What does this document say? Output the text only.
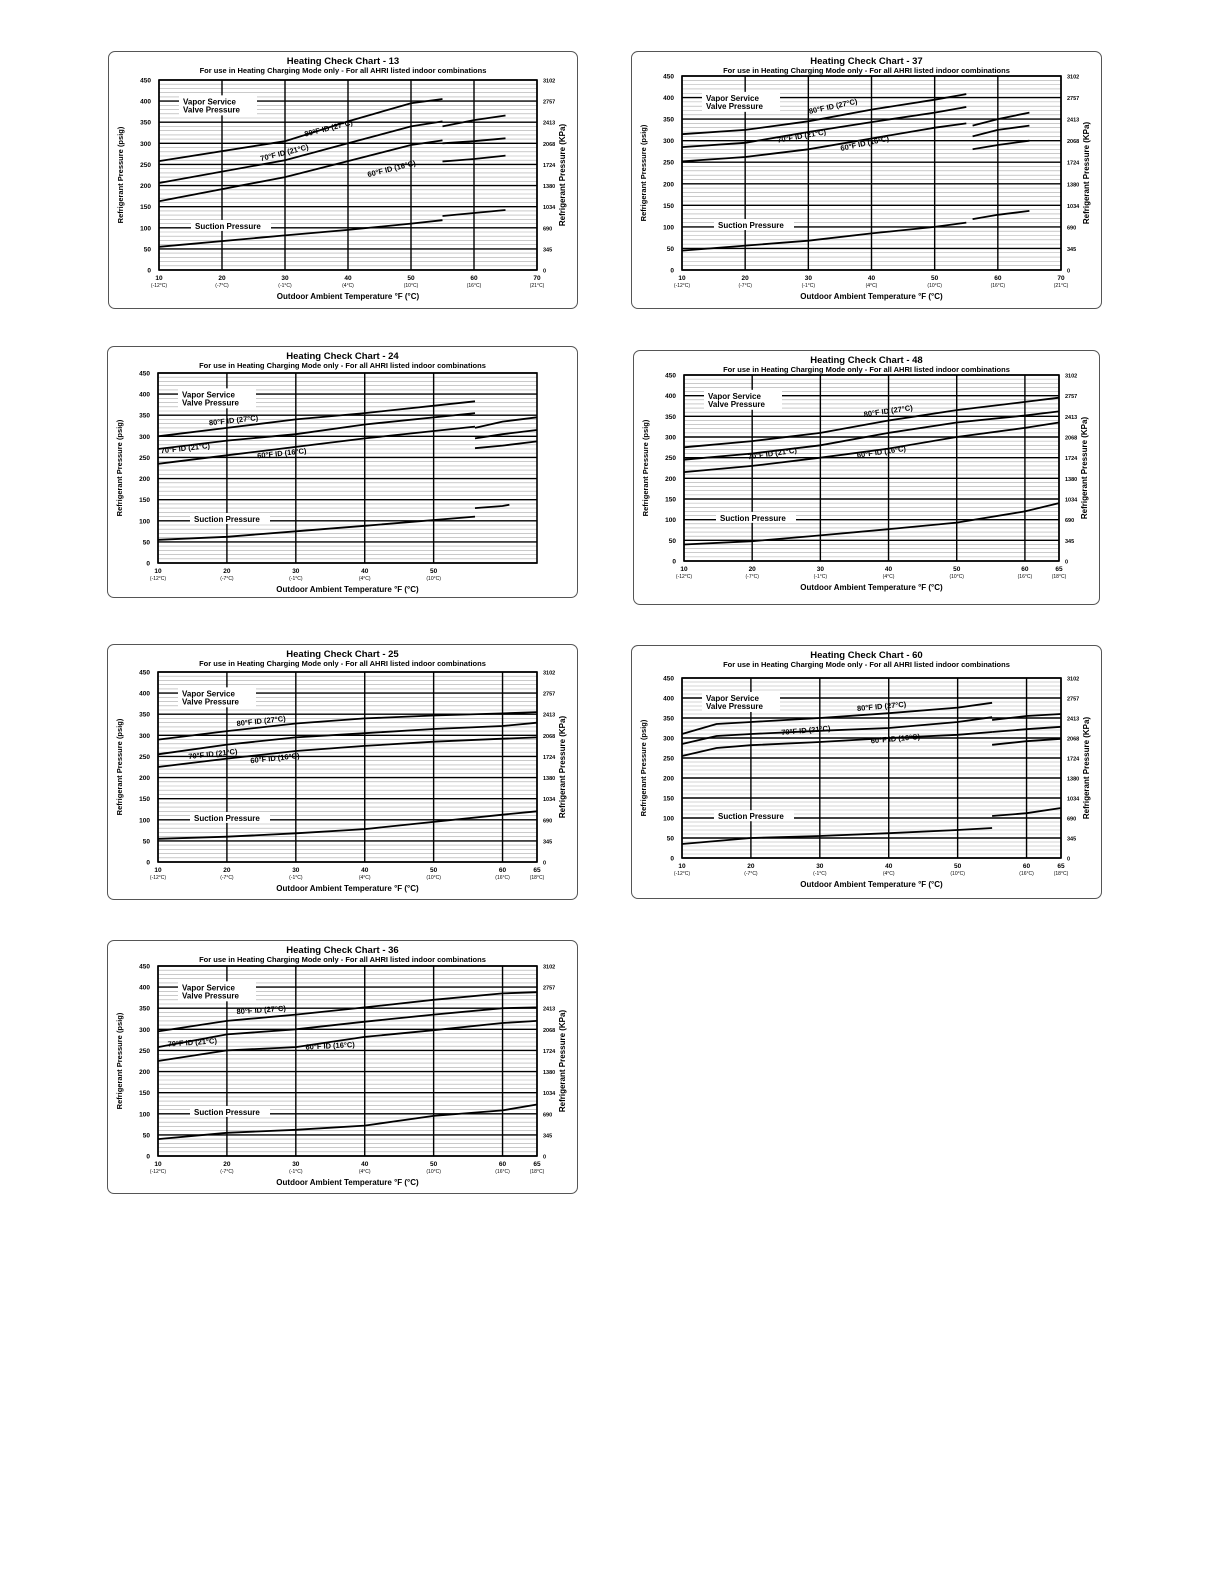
Heating Check Chart - 13
For use in Heating Charging Mode only - For all AHRI listed indoor combinations
0
50
100
150
200
250
300
350
400
450
0
345
690
1034
1380
1724
2068
2413
2757
3102
Refrigerant Pressure (KPa)
Refrigerant Pressure (psig)
10
(-12°C)
20
(-7°C)
30
(-1°C)
40
(4°C)
50
(10°C)
60
(16°C)
70
(21°C)
Outdoor Ambient Temperature °F (°C)
Vapor Service
Valve Pressure
80°F ID (27°C)
70°F ID (21°C)
60°F ID (16°C)
Suction Pressure
Heating Check Chart - 37
For use in Heating Charging Mode only - For all AHRI listed indoor combinations
0
50
100
150
200
250
300
350
400
450
0
345
690
1034
1380
1724
2068
2413
2757
3102
Refrigerant Pressure (KPa)
Refrigerant Pressure (psig)
10
(-12°C)
20
(-7°C)
30
(-1°C)
40
(4°C)
50
(10°C)
60
(16°C)
70
(21°C)
Outdoor Ambient Temperature °F (°C)
Vapor Service
Valve Pressure	80°F ID (27°C)
70°F ID (21°C) 60°F ID (16°C)
Suction Pressure
Heating Check Chart - 24
For use in Heating Charging Mode only - For all AHRI listed indoor combinations
0
50
100
150
200
250
300
350
400
450
Refrigerant Pressure (psig)
10
(-12°C)
20
(-7°C)
30
(-1°C)
40
(4°C)
50
(10°C)
Outdoor Ambient Temperature °F (°C)
Vapor Service
Valve Pressure
80°F ID (27°C)
70°F ID (21°C)	60°F ID (16°C)
Suction Pressure
Heating Check Chart - 48
For use in Heating Charging Mode only - For all AHRI listed indoor combinations
0
50
100
150
200
250
300
350
400
450
0
345
690
1034
1380
1724
2068
2413
2757
3102
Refrigerant Pressure (KPa)
Refrigerant Pressure (psig)
10
(-12°C)
20
(-7°C)
30
(-1°C)
40
(4°C)
50
(10°C)
60
(16°C)
65
(18°C)
Outdoor Ambient Temperature °F (°C)
Vapor Service
Valve Pressure	80°F ID (27°C)
70°F ID (21°C)	60°F ID (16°C)
Suction Pressure
Heating Check Chart - 25
For use in Heating Charging Mode only - For all AHRI listed indoor combinations
0
50
100
150
200
250
300
350
400
450
0
345
690
1034
1380
1724
2068
2413
2757
3102
Refrigerant Pressure (KPa)
Refrigerant Pressure (psig)
10
(-12°C)
20
(-7°C)
30
(-1°C)
40
(4°C)
50
(10°C)
60
(16°C)
65
(18°C)
Outdoor Ambient Temperature °F (°C)
Vapor Service
Valve Pressure
80°F ID (27°C)
70°F ID (21°C) 60°F ID (16°C)
Suction Pressure
Heating Check Chart - 60
For use in Heating Charging Mode only - For all AHRI listed indoor combinations
0
50
100
150
200
250
300
350
400
450
0
345
690
1034
1380
1724
2068
2413
2757
3102
Refrigerant Pressure (KPa)
Refrigerant Pressure (psig)
10
(-12°C)
20
(-7°C)
30
(-1°C)
40
(4°C)
50
(10°C)
60
(16°C)
65
(18°C)
Outdoor Ambient Temperature °F (°C)
Vapor Service
Valve Pressure	80°F ID (27°C)
70°F ID (21°C)
60°F ID (16°C)
Suction Pressure
Heating Check Chart - 36
For use in Heating Charging Mode only - For all AHRI listed indoor combinations
0
50
100
150
200
250
300
350
400
450
0
345
690
1034
1380
1724
2068
2413
2757
3102
Refrigerant Pressure (KPa)
Refrigerant Pressure (psig)
10
(-12°C)
20
(-7°C)
30
(-1°C)
40
(4°C)
50
(10°C)
60
(16°C)
65
(18°C)
Outdoor Ambient Temperature °F (°C)
Vapor Service
Valve Pressure
80°F ID (27°C)
70°F ID (21°C)	60°F ID (16°C)
Suction Pressure
